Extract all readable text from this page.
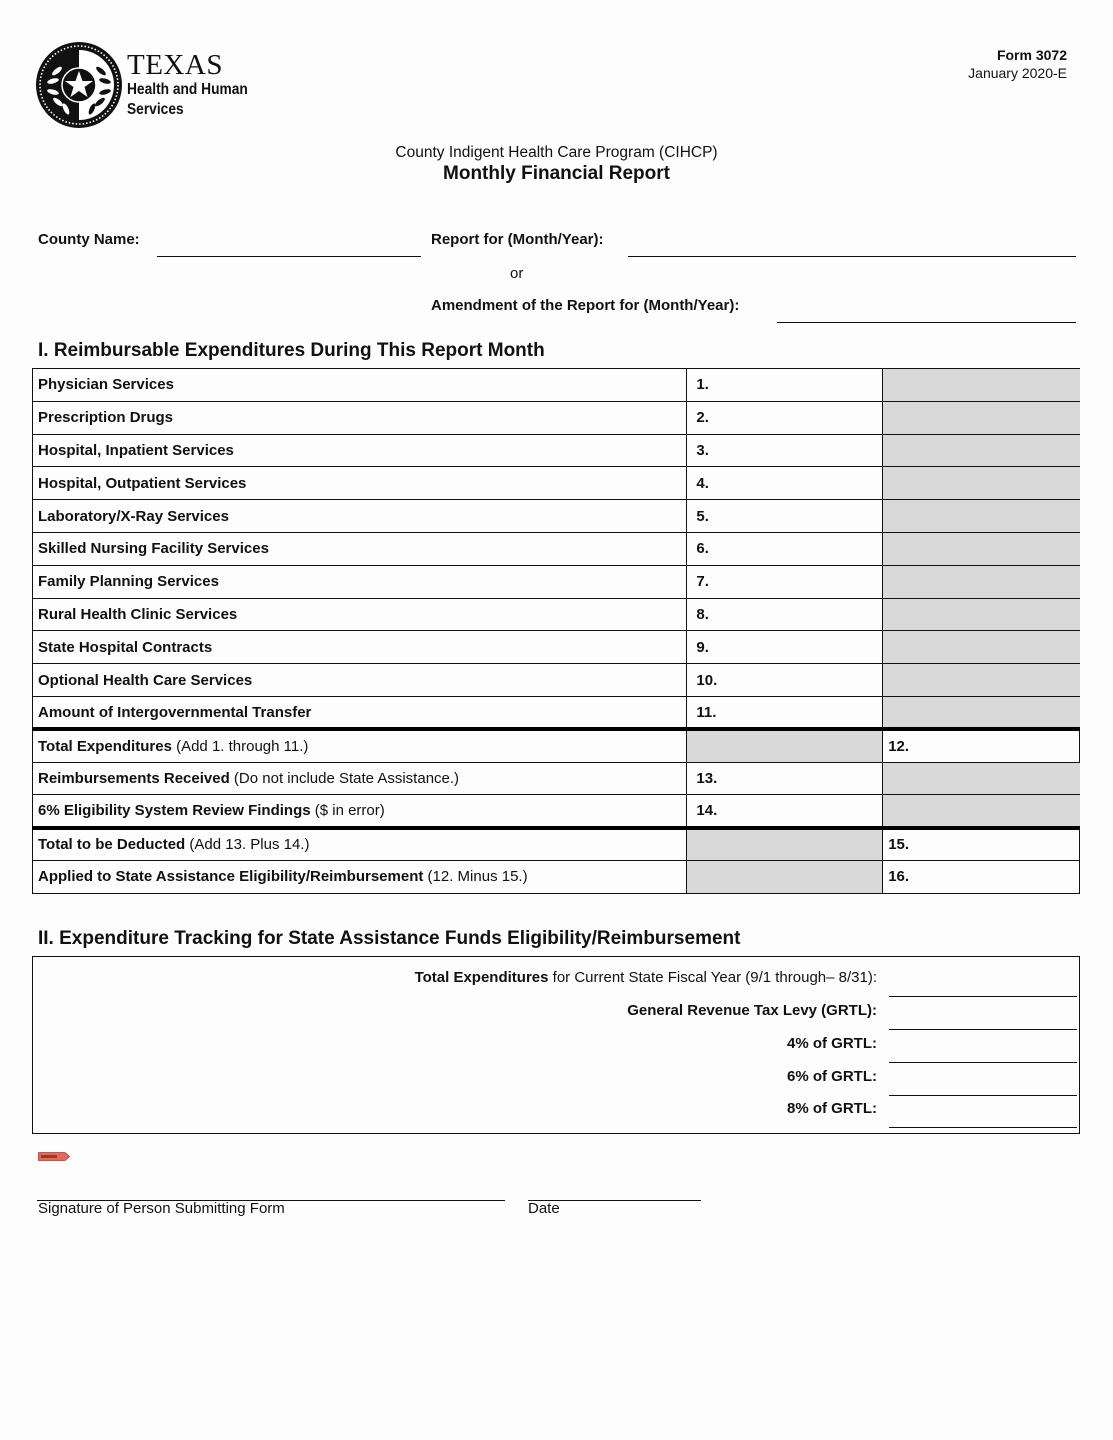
TEXAS
Health and Human
Services
Form 3072
January 2020-E
County Indigent Health Care Program (CIHCP)
Monthly Financial Report
County Name:	Report for (Month/Year):
or
Amendment of the Report for (Month/Year):
I. Reimbursable Expenditures During This Report Month
Physician Services	1.	
Prescription Drugs	2.	
Hospital, Inpatient Services	3.	
Hospital, Outpatient Services	4.	
Laboratory/X-Ray Services	5.	
Skilled Nursing Facility Services	6.	
Family Planning Services	7.	
Rural Health Clinic Services	8.	
State Hospital Contracts	9.	
Optional Health Care Services	10.	
Amount of Intergovernmental Transfer	11.	
Total Expenditures (Add 1. through 11.)		12.
Reimbursements Received (Do not include State Assistance.)	13.	
6% Eligibility System Review Findings ($ in error)	14.	
Total to be Deducted (Add 13. Plus 14.)		15.
Applied to State Assistance Eligibility/Reimbursement (12. Minus 15.)		16.
II. Expenditure Tracking for State Assistance Funds Eligibility/Reimbursement
Total Expenditures for Current State Fiscal Year (9/1 through– 8/31):
General Revenue Tax Levy (GRTL):
4% of GRTL:
6% of GRTL:
8% of GRTL:
Signature of Person Submitting Form	Date
